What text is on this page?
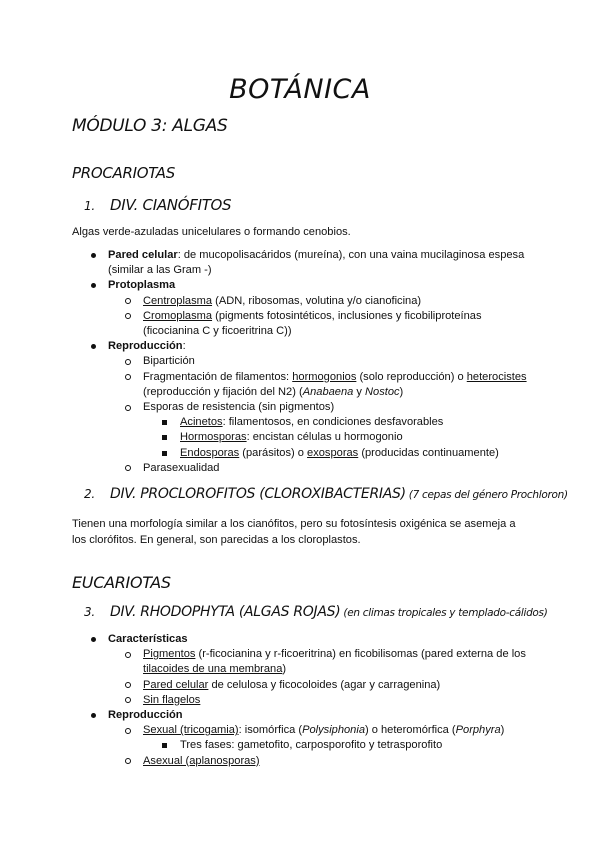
BOTÁNICA
MÓDULO 3: ALGAS
PROCARIOTAS
1. DIV. CIANÓFITOS

Algas verde-azuladas unicelulares o formando cenobios.

Pared celular: de mucopolisacáridos (mureína), con una vaina mucilaginosa espesa (similar a las Gram -)
Protoplasma
Centroplasma (ADN, ribosomas, volutina y/o cianoficina)
Cromoplasma (pigments fotosintéticos, inclusiones y ficobiliproteínas (ficocianina C y ficoeritrina C))
Reproducción:
Bipartición
Fragmentación de filamentos: hormogonios (solo reproducción) o heterocistes (reproducción y fijación del N2) (Anabaena y Nostoc)
Esporas de resistencia (sin pigmentos)
Acinetos: filamentosos, en condiciones desfavorables
Hormosporas: encistan células u hormogonio
Endosporas (parásitos) o exosporas (producidas continuamente)
Parasexualidad
2. DIV. PROCLOROFITOS (CLOROXIBACTERIAS) (7 cepas del género Prochloron)

Tienen una morfología similar a los cianófitos, pero su fotosíntesis oxigénica se asemeja a los clorófitos. En general, son parecidas a los cloroplastos.

EUCARIOTAS
3. DIV. RHODOPHYTA (ALGAS ROJAS) (en climas tropicales y templado-cálidos)
Características
Pigmentos (r-ficocianina y r-ficoeritrina) en ficobilisomas (pared externa de los tilacoides de una membrana)
Pared celular de celulosa y ficocoloides (agar y carragenina)
Sin flagelos
Reproducción
Sexual (tricogamia): isomórfica (Polysiphonia) o heteromórfica (Porphyra)
Tres fases: gametofito, carposporofito y tetrasporofito
Asexual (aplanosporas)
